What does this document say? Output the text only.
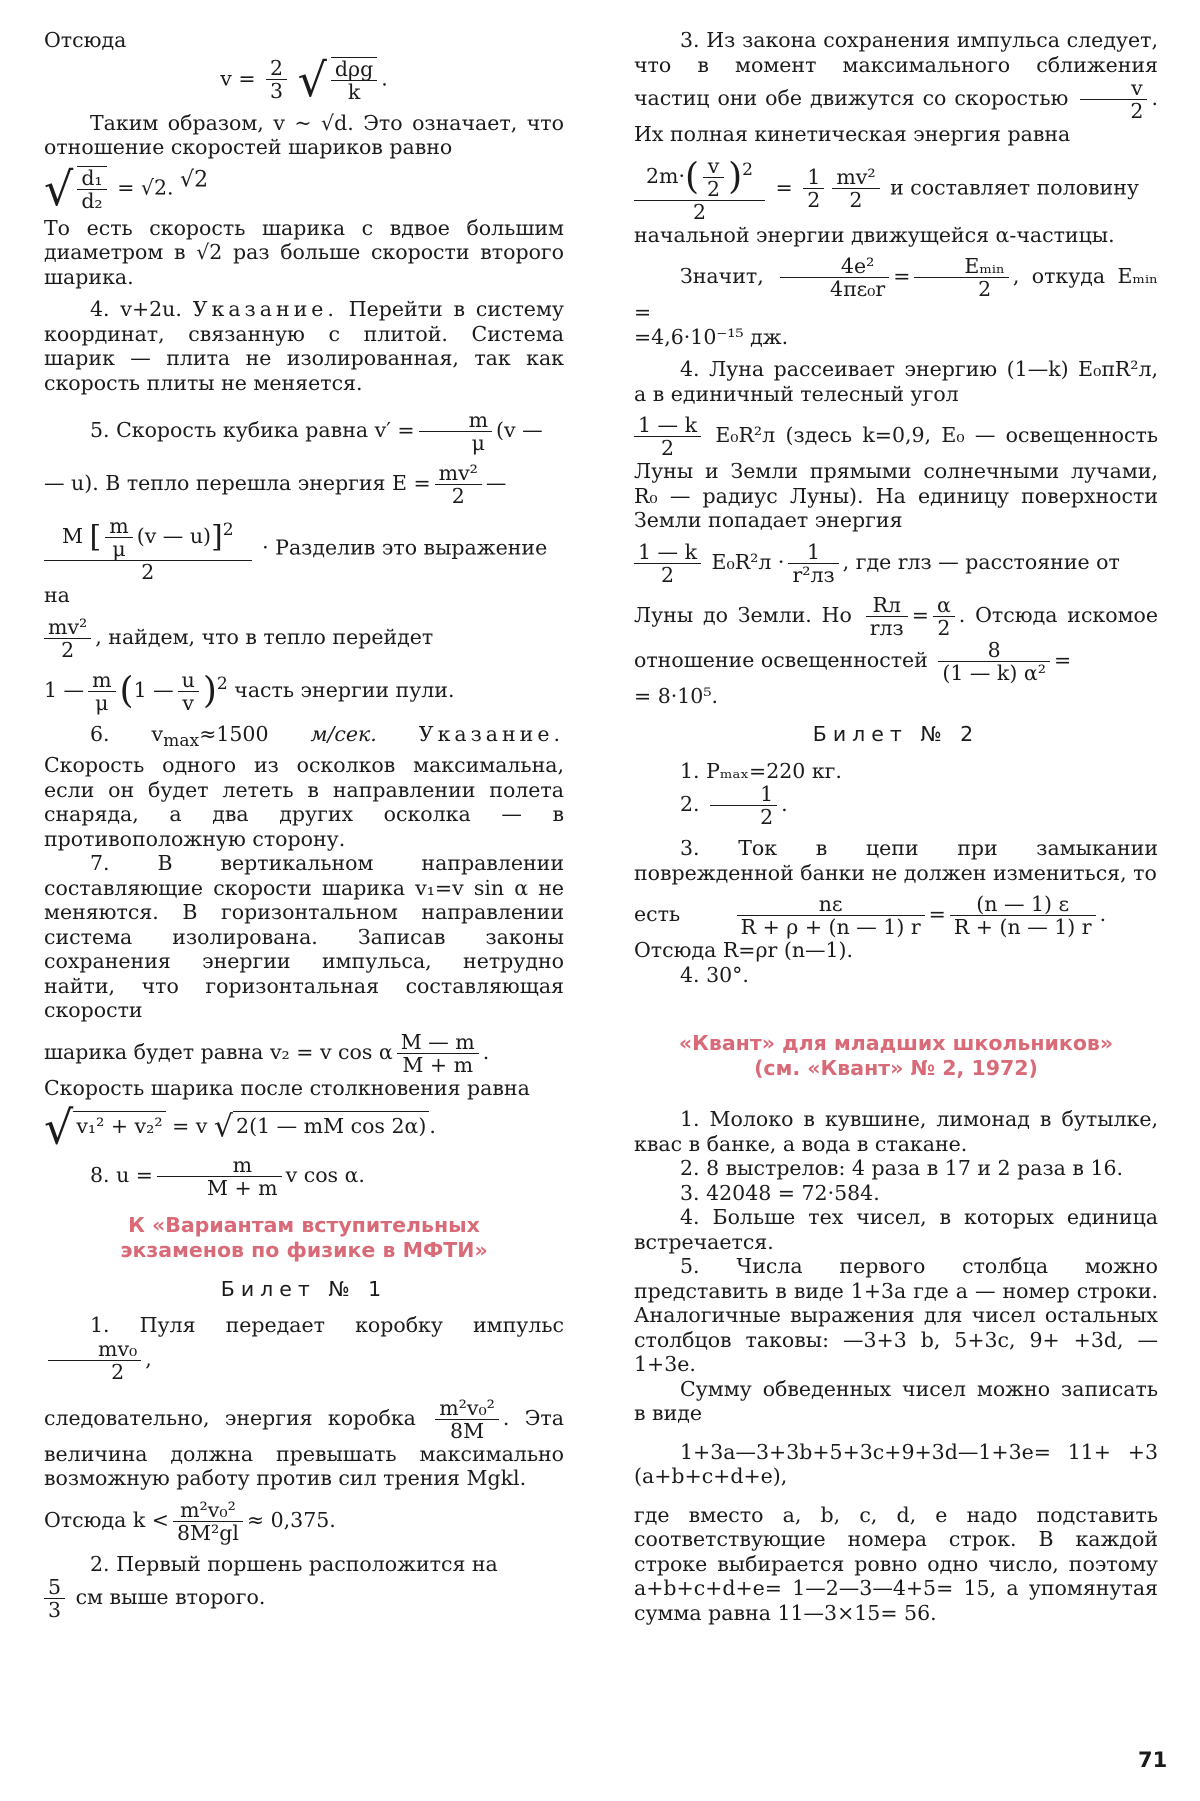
Отсюда

$v = \frac{2}{3}$ √ dρg
k
.

Таким образом, v ~ √d. Это означает, что отношение скоростей шариков равно

√ $\frac{\text{d₁}}{\text{d₂}} = √2$. √2

То есть скорость шарика с вдвое большим диаметром в √2 раз больше скорости второго шарика.

4. v+2u. Указание. Перейти в систему координат, связанную с плитой. Система шарик — плита не изолированная, так как скорость плиты не меняется.

5. Скорость кубика равна $v' = \frac{m}{\mu} (v$ —

— u). В тепло перешла энергия $E = \frac{\text{mv²}}{2}$ —

$\frac{M [ \frac{m}{\mu} (v — u)]^2}{2}$ · Разделив это выражение на

$\frac{\text{mv²}}{2}$ , найдем, что в тепло перейдет

1 — $\frac{m}{\mu} (1$ — $\frac{u}{v} )^2$ часть энергии пули.

6. $v_{max}\approx 1500$ м/сек. Указание. Скорость одного из осколков максимальна, если он будет лететь в направлении полета снаряда, а два других осколка — в противоположную сторону.

7. В вертикальном направлении составляющие скорости шарика v₁=v sin α не меняются. В горизонтальном направлении система изолирована. Записав законы сохранения энергии импульса, нетрудно найти, что горизонтальная составляющая скорости

шарика будет равна v₂ = v cos α $\frac{M — m}{M + m}$ .

Скорость шарика после столкновения равна

√ v₁² + v₂² = v √ 2(1 — mM cos 2α) .
8. $u = \frac{m}{M + m}$ v cos α.
К «Вариантам вступительных экзаменов по физике в МФТИ»
Билет № 1

1. Пуля передает коробку импульс
$\frac{\text{mv₀}}{2}$ ,

следовательно, энергия коробка $\frac{\text{m²v₀²}}{8M}$ . Эта величина должна превышать максимально возможную работу против сил трения Mgkl.

Отсюда $k < \frac{\text{m²v₀²}}{\text{8M²gl}} \approx 0,375$.

2. Первый поршень расположится на

$\frac{5}{3}$ см выше второго.

3. Из закона сохранения импульса следует, что в момент максимального сближения частиц они обе движутся со скоростью $\frac{v}{2}$ . Их полная кинетическая энергия равна

$\frac{2m\cdot( \frac{v}{2} )^2}{2} = \frac{1}{2} \frac{\text{mv²}}{2}$ и составляет половину начальной энергии движущейся α-частицы.

Значит, $\frac{\text{4e²}}{\text{4πε₀r}}$ =	Eₘᵢₙ
2
, откуда Eₘᵢₙ =

=4,6·10⁻¹⁵ дж.

4. Луна рассеивает энергию (1—k) E₀πR²л, а в единичный телесный угол

$\frac{1 — k}{2} E_0R^2л$ (здесь k=0,9, E₀ — освещенность Луны и Земли прямыми солнечными лучами, R₀ — радиус Луны). На единицу поверхности Земли попадает энергия

$\frac{1 — k}{2} E_0R^2л$ ·	1
r²лз
, где rлз — расстояние от

Луны до Земли. Но	Rл
rлз
= $\frac{\alpha}{2}$ . Отсюда искомое отношение освещенностей $\frac{8}{\text{(1 — k) α²}}$ =

= 8·10⁵.

Билет № 2

1. Pₘₐₓ=220 кг.

2. $\frac{1}{2}$ .

3. Ток в цепи при замыкании поврежденной банки не должен измениться, то

есть	$\frac{n\varepsilon}{R + \rho + (n — 1) r} = \frac{(n — 1) \varepsilon}{R + (n — 1) r}$ .

Отсюда R=ρr (n—1).

4. 30°.

«Квант» для младших школьников»
(см. «Квант» № 2, 1972)

1. Молоко в кувшине, лимонад в бутылке, квас в банке, а вода в стакане.

2. 8 выстрелов: 4 раза в 17 и 2 раза в 16.

3. 42048 = 72·584.

4. Больше тех чисел, в которых единица встречается.

5. Числа первого столбца можно представить в виде 1+3a где a — номер строки. Аналогичные выражения для чисел остальных столбцов таковы: —3+3 b, 5+3c, 9+ +3d, —1+3e.

Сумму обведенных чисел можно записать в виде

1+3a—3+3b+5+3c+9+3d—1+3e= 11+ +3 (a+b+c+d+e),

где вместо a, b, c, d, e надо подставить соответствующие номера строк. В каждой строке выбирается ровно одно число, поэтому a+b+c+d+e= 1—2—3—4+5= 15, а упомянутая сумма равна 11—3×15= 56.

71
